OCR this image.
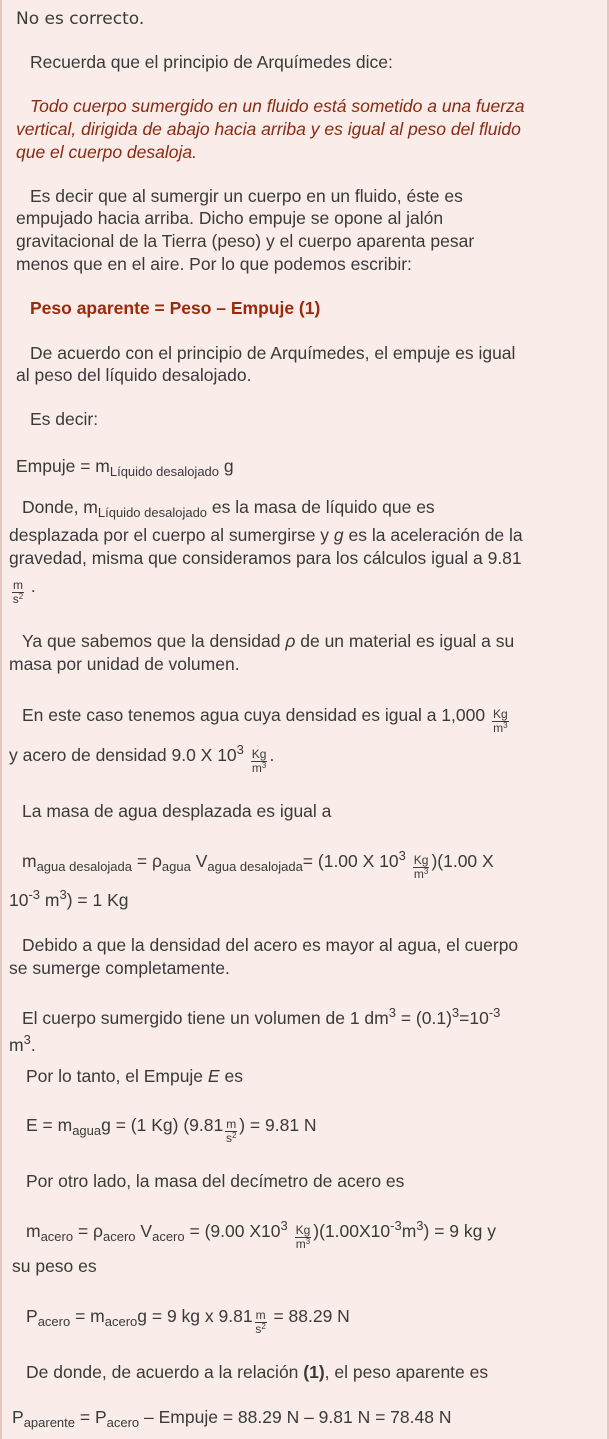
No es correcto.
Recuerda que el principio de Arquímedes dice:
Todo cuerpo sumergido en un fluido está sometido a una fuerza
vertical, dirigida de abajo hacia arriba y es igual al peso del fluido
que el cuerpo desaloja.
Es decir que al sumergir un cuerpo en un fluido, éste es
empujado hacia arriba. Dicho empuje se opone al jalón
gravitacional de la Tierra (peso) y el cuerpo aparenta pesar
menos que en el aire. Por lo que podemos escribir:
Peso aparente = Peso – Empuje (1)
De acuerdo con el principio de Arquímedes, el empuje es igual
al peso del líquido desalojado.
Es decir:
Empuje = $m_{Líquido desalojado}$ g
Donde, $m_{Líquido desalojado}$ es la masa de líquido que es
desplazada por el cuerpo al sumergirse y g es la aceleración de la
gravedad, misma que consideramos para los cálculos igual a 9.81
$\frac{m}{s^2}$ .
Ya que sabemos que la densidad ρ de un material es igual a su
masa por unidad de volumen.
En este caso tenemos agua cuya densidad es igual a $1,000 \frac{Kg}{m^3}$
y acero de densidad 9.0 X $10^3 \frac{Kg}{m^3}$ .
La masa de agua desplazada es igual a
$m_{agua desalojada} = \rho_{agua}$ $V_{agua desalojada}= (1.00$ X $10^3 \frac{Kg}{m^3} )(1.00$ X
$10^{-3}$ $m^3) = 1$ Kg
Debido a que la densidad del acero es mayor al agua, el cuerpo
se sumerge completamente.
El cuerpo sumergido tiene un volumen de 1 $dm^3 = (0.1)^3=10^{-3}$
$m^3$.
Por lo tanto, el Empuje E es
$E = m_{agua}g = (1$ Kg) ($9.81 \frac{m}{s^2}$ ) = 9.81 N
Por otro lado, la masa del decímetro de acero es
$m_{acero} = \rho_{acero}$ $V_{acero} = (9.00$ $X10^3 \frac{Kg}{m^3} )(1.00X10^{-3}m^3) = 9$ kg y
su peso es
$P_{acero} = m_{acero}g = 9$ kg x $9.81 \frac{m}{s^2} = 88.29$ N
De donde, de acuerdo a la relación (1), el peso aparente es
$P_{aparente} = P_{acero}$ – Empuje = 88.29 N – 9.81 N = 78.48 N
